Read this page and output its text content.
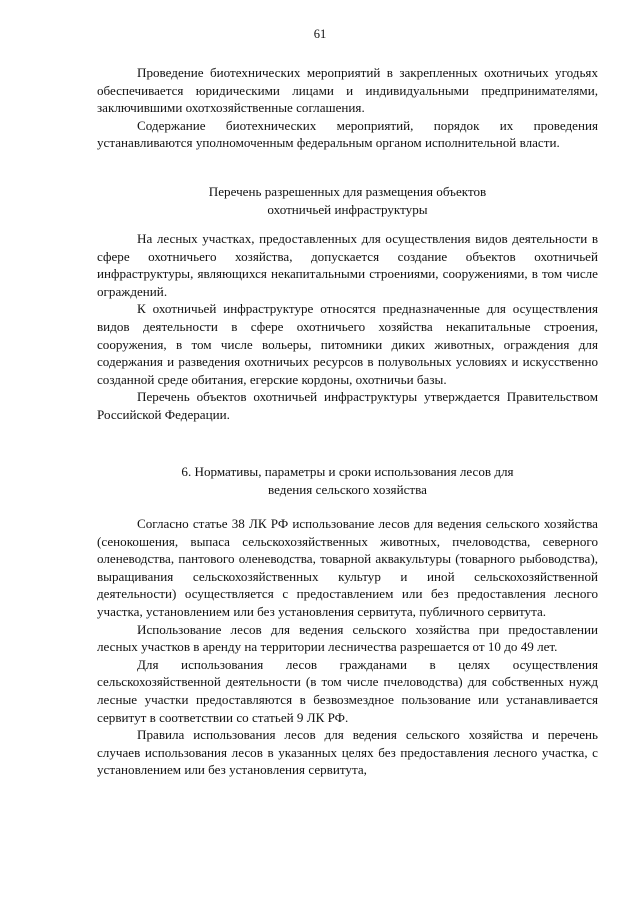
61

Проведение биотехнических мероприятий в закрепленных охотничьих угодьях обеспечивается юридическими лицами и индивидуальными предпринимателями, заключившими охотхозяйственные соглашения.

Содержание биотехнических мероприятий, порядок их проведения устанавливаются уполномоченным федеральным органом исполнительной власти.

Перечень разрешенных для размещения объектов

охотничьей инфраструктуры

На лесных участках, предоставленных для осуществления видов деятельности в сфере охотничьего хозяйства, допускается создание объектов охотничьей инфраструктуры, являющихся некапитальными строениями, сооружениями, в том числе ограждений.

К охотничьей инфраструктуре относятся предназначенные для осуществления видов деятельности в сфере охотничьего хозяйства некапитальные строения, сооружения, в том числе вольеры, питомники диких животных, ограждения для содержания и разведения охотничьих ресурсов в полувольных условиях и искусственно созданной среде обитания, егерские кордоны, охотничьи базы.

Перечень объектов охотничьей инфраструктуры утверждается Правительством Российской Федерации.

6. Нормативы, параметры и сроки использования лесов для

ведения сельского хозяйства

Согласно статье 38 ЛК РФ использование лесов для ведения сельского хозяйства (сенокошения, выпаса сельскохозяйственных животных, пчеловодства, северного оленеводства, пантового оленеводства, товарной аквакультуры (товарного рыбоводства), выращивания сельскохозяйственных культур и иной сельскохозяйственной деятельности) осуществляется с предоставлением или без предоставления лесного участка, установлением или без установления сервитута, публичного сервитута.

Использование лесов для ведения сельского хозяйства при предоставлении лесных участков в аренду на территории лесничества разрешается от 10 до 49 лет.

Для использования лесов гражданами в целях осуществления сельскохозяйственной деятельности (в том числе пчеловодства) для собственных нужд лесные участки предоставляются в безвозмездное пользование или устанавливается сервитут в соответствии со статьей 9 ЛК РФ.

Правила использования лесов для ведения сельского хозяйства и перечень случаев использования лесов в указанных целях без предоставления лесного участка, с установлением или без установления сервитута,
